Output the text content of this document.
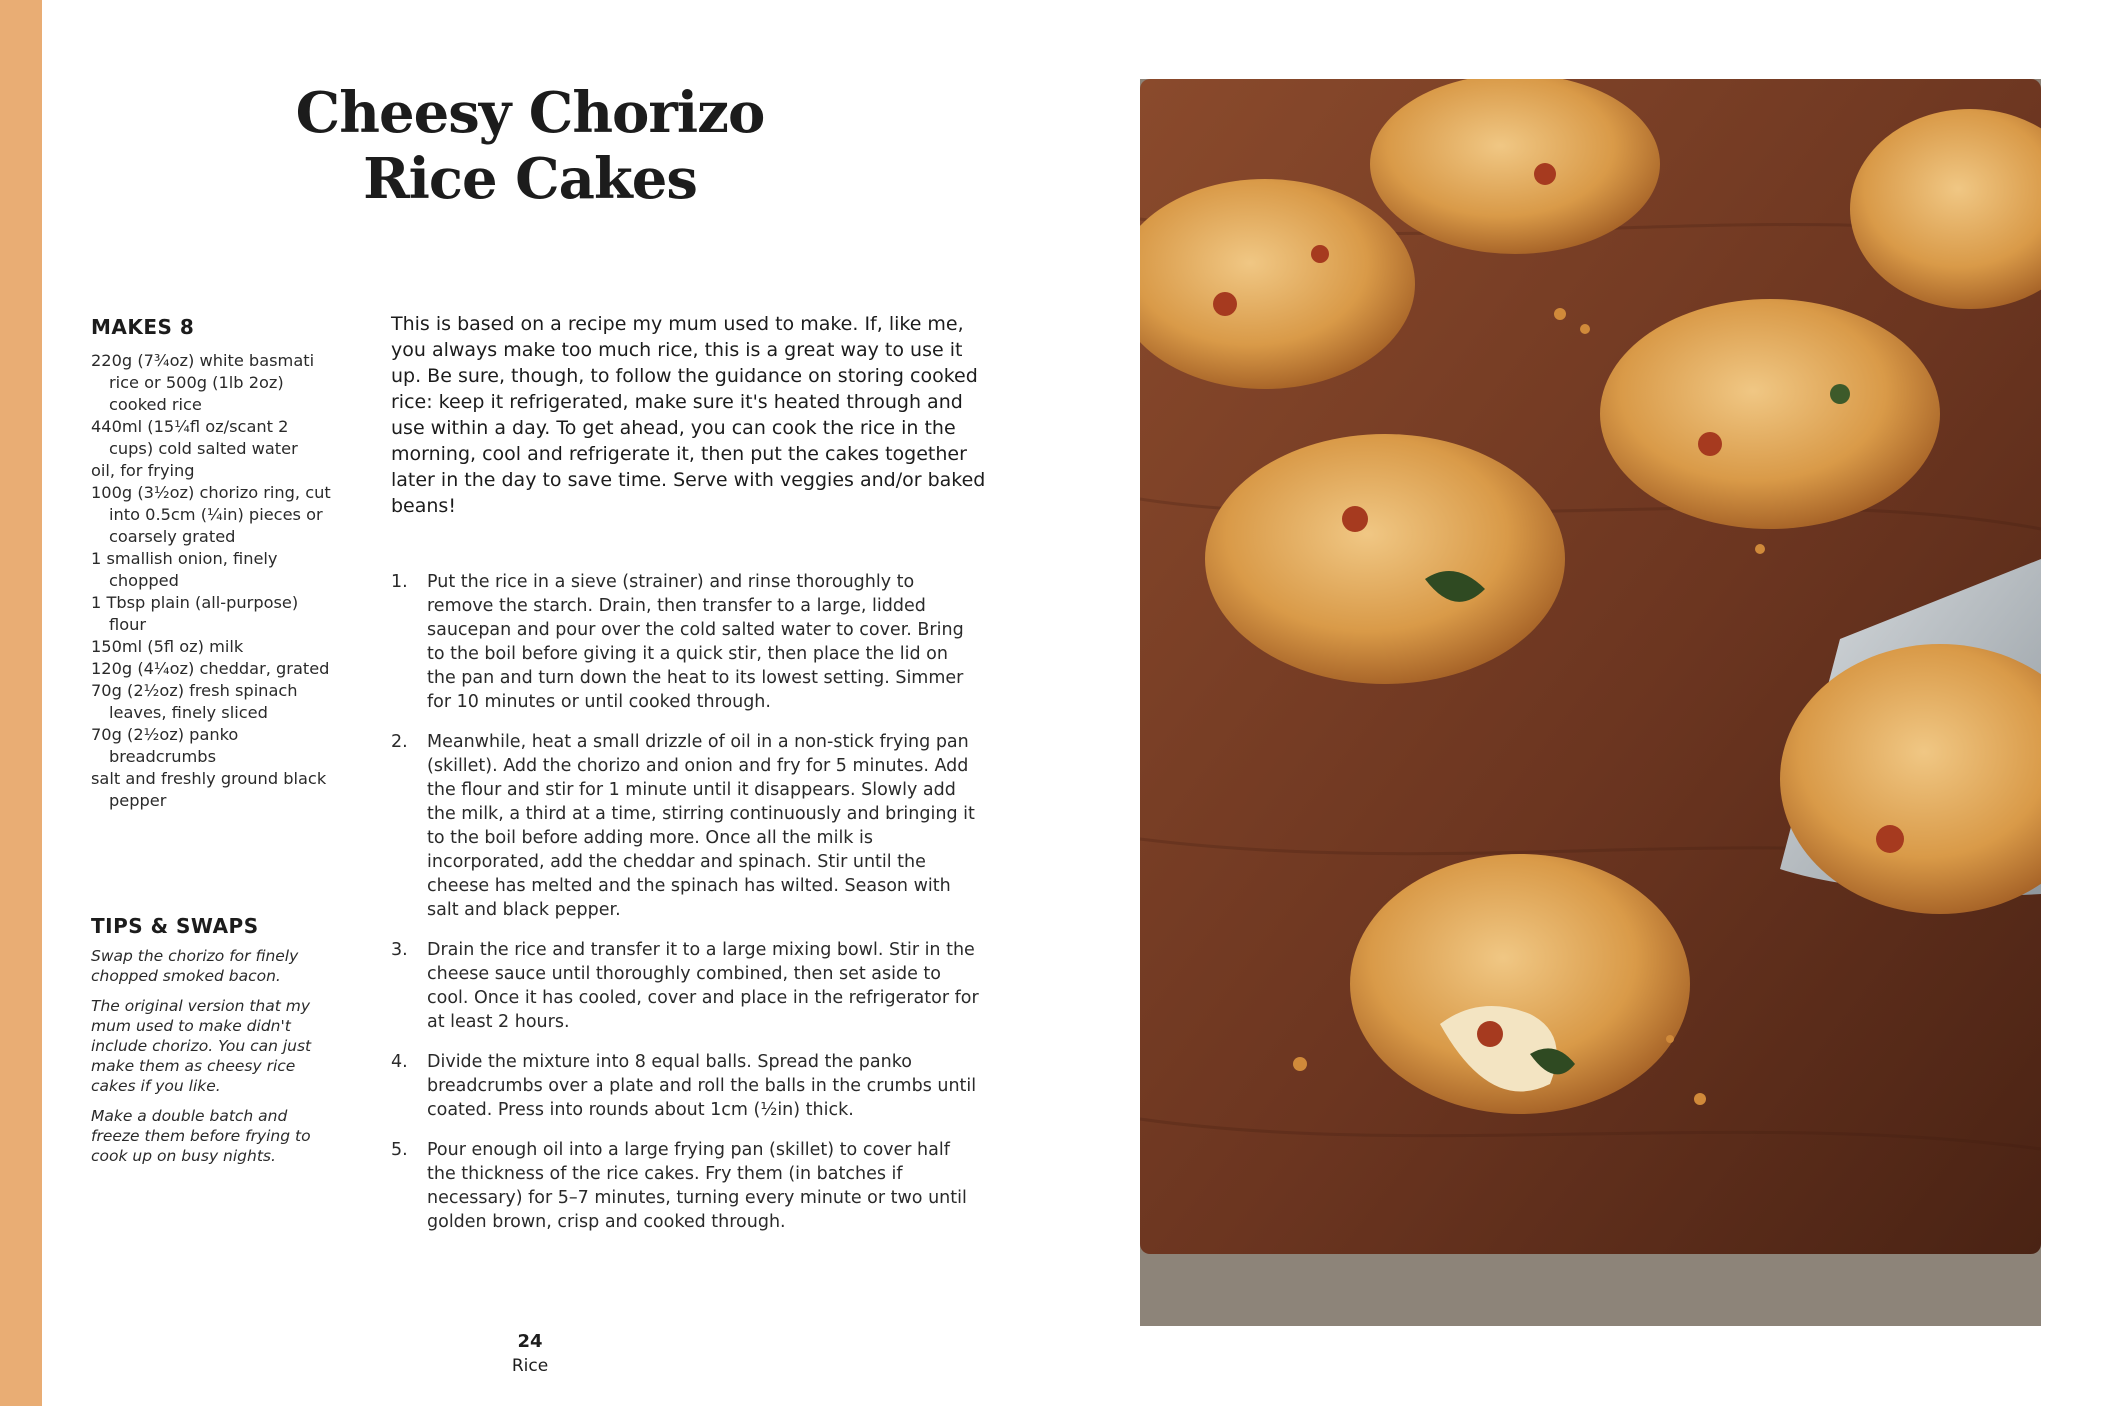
Cheesy Chorizo
Rice Cakes
MAKES 8
220g (7¾oz) white basmati rice or 500g (1lb 2oz) cooked rice
440ml (15¼fl oz/scant 2 cups) cold salted water
oil, for frying
100g (3½oz) chorizo ring, cut into 0.5cm (¼in) pieces or coarsely grated
1 smallish onion, finely chopped
1 Tbsp plain (all-purpose) flour
150ml (5fl oz) milk
120g (4¼oz) cheddar, grated
70g (2½oz) fresh spinach leaves, finely sliced
70g (2½oz) panko breadcrumbs
salt and freshly ground black pepper
TIPS & SWAPS

Swap the chorizo for finely chopped smoked bacon.

The original version that my mum used to make didn't include chorizo. You can just make them as cheesy rice cakes if you like.

Make a double batch and freeze them before frying to cook up on busy nights.

This is based on a recipe my mum used to make. If, like me, you always make too much rice, this is a great way to use it up. Be sure, though, to follow the guidance on storing cooked rice: keep it refrigerated, make sure it's heated through and use within a day. To get ahead, you can cook the rice in the morning, cool and refrigerate it, then put the cakes together later in the day to save time. Serve with veggies and/or baked beans!

1. Put the rice in a sieve (strainer) and rinse thoroughly to remove the starch. Drain, then transfer to a large, lidded saucepan and pour over the cold salted water to cover. Bring to the boil before giving it a quick stir, then place the lid on the pan and turn down the heat to its lowest setting. Simmer for 10 minutes or until cooked through.
2. Meanwhile, heat a small drizzle of oil in a non-stick frying pan (skillet). Add the chorizo and onion and fry for 5 minutes. Add the flour and stir for 1 minute until it disappears. Slowly add the milk, a third at a time, stirring continuously and bringing it to the boil before adding more. Once all the milk is incorporated, add the cheddar and spinach. Stir until the cheese has melted and the spinach has wilted. Season with salt and black pepper.
3. Drain the rice and transfer it to a large mixing bowl. Stir in the cheese sauce until thoroughly combined, then set aside to cool. Once it has cooled, cover and place in the refrigerator for at least 2 hours.
4. Divide the mixture into 8 equal balls. Spread the panko breadcrumbs over a plate and roll the balls in the crumbs until coated. Press into rounds about 1cm (½in) thick.
5. Pour enough oil into a large frying pan (skillet) to cover half the thickness of the rice cakes. Fry them (in batches if necessary) for 5–7 minutes, turning every minute or two until golden brown, crisp and cooked through.
24
Rice
